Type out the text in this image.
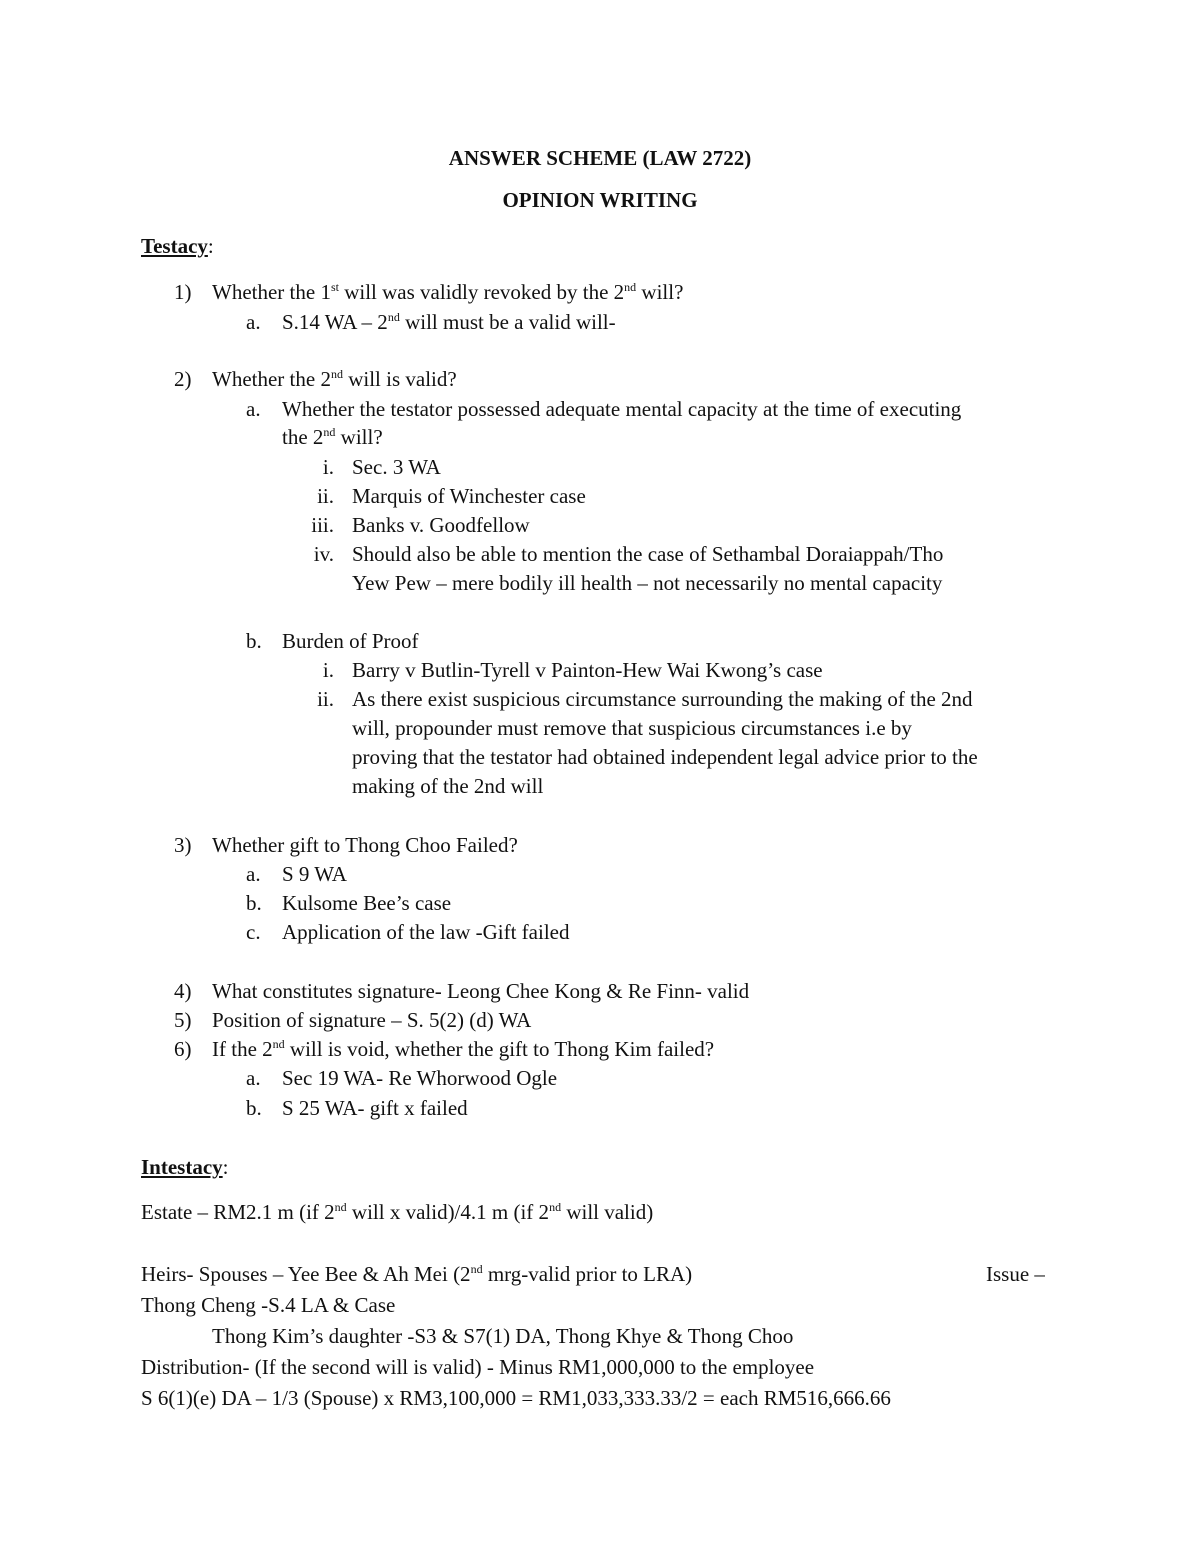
ANSWER SCHEME (LAW 2722)
OPINION WRITING
Testacy:
1) Whether the 1st will was validly revoked by the 2nd will?
a. S.14 WA – 2nd will must be a valid will-
2) Whether the 2nd will is valid?
a. Whether the testator possessed adequate mental capacity at the time of executing
the 2nd will?
i. Sec. 3 WA
ii. Marquis of Winchester case
iii. Banks v. Goodfellow
iv. Should also be able to mention the case of Sethambal Doraiappah/Tho
Yew Pew – mere bodily ill health – not necessarily no mental capacity
b. Burden of Proof
i. Barry v Butlin-Tyrell v Painton-Hew Wai Kwong’s case
ii. As there exist suspicious circumstance surrounding the making of the 2nd
will, propounder must remove that suspicious circumstances i.e by
proving that the testator had obtained independent legal advice prior to the
making of the 2nd will
3) Whether gift to Thong Choo Failed?
a. S 9 WA
b. Kulsome Bee’s case
c. Application of the law -Gift failed
4) What constitutes signature- Leong Chee Kong & Re Finn- valid
5) Position of signature – S. 5(2) (d) WA
6) If the 2nd will is void, whether the gift to Thong Kim failed?
a. Sec 19 WA- Re Whorwood Ogle
b. S 25 WA- gift x failed
Intestacy:
Estate – RM2.1 m (if 2nd will x valid)/4.1 m (if 2nd will valid)
Heirs- Spouses – Yee Bee & Ah Mei (2nd mrg-valid prior to LRA)	Issue –
Thong Cheng -S.4 LA & Case
Thong Kim’s daughter -S3 & S7(1) DA, Thong Khye & Thong Choo
Distribution- (If the second will is valid) - Minus RM1,000,000 to the employee
S 6(1)(e) DA – 1/3 (Spouse) x RM3,100,000 = RM1,033,333.33/2 = each RM516,666.66
